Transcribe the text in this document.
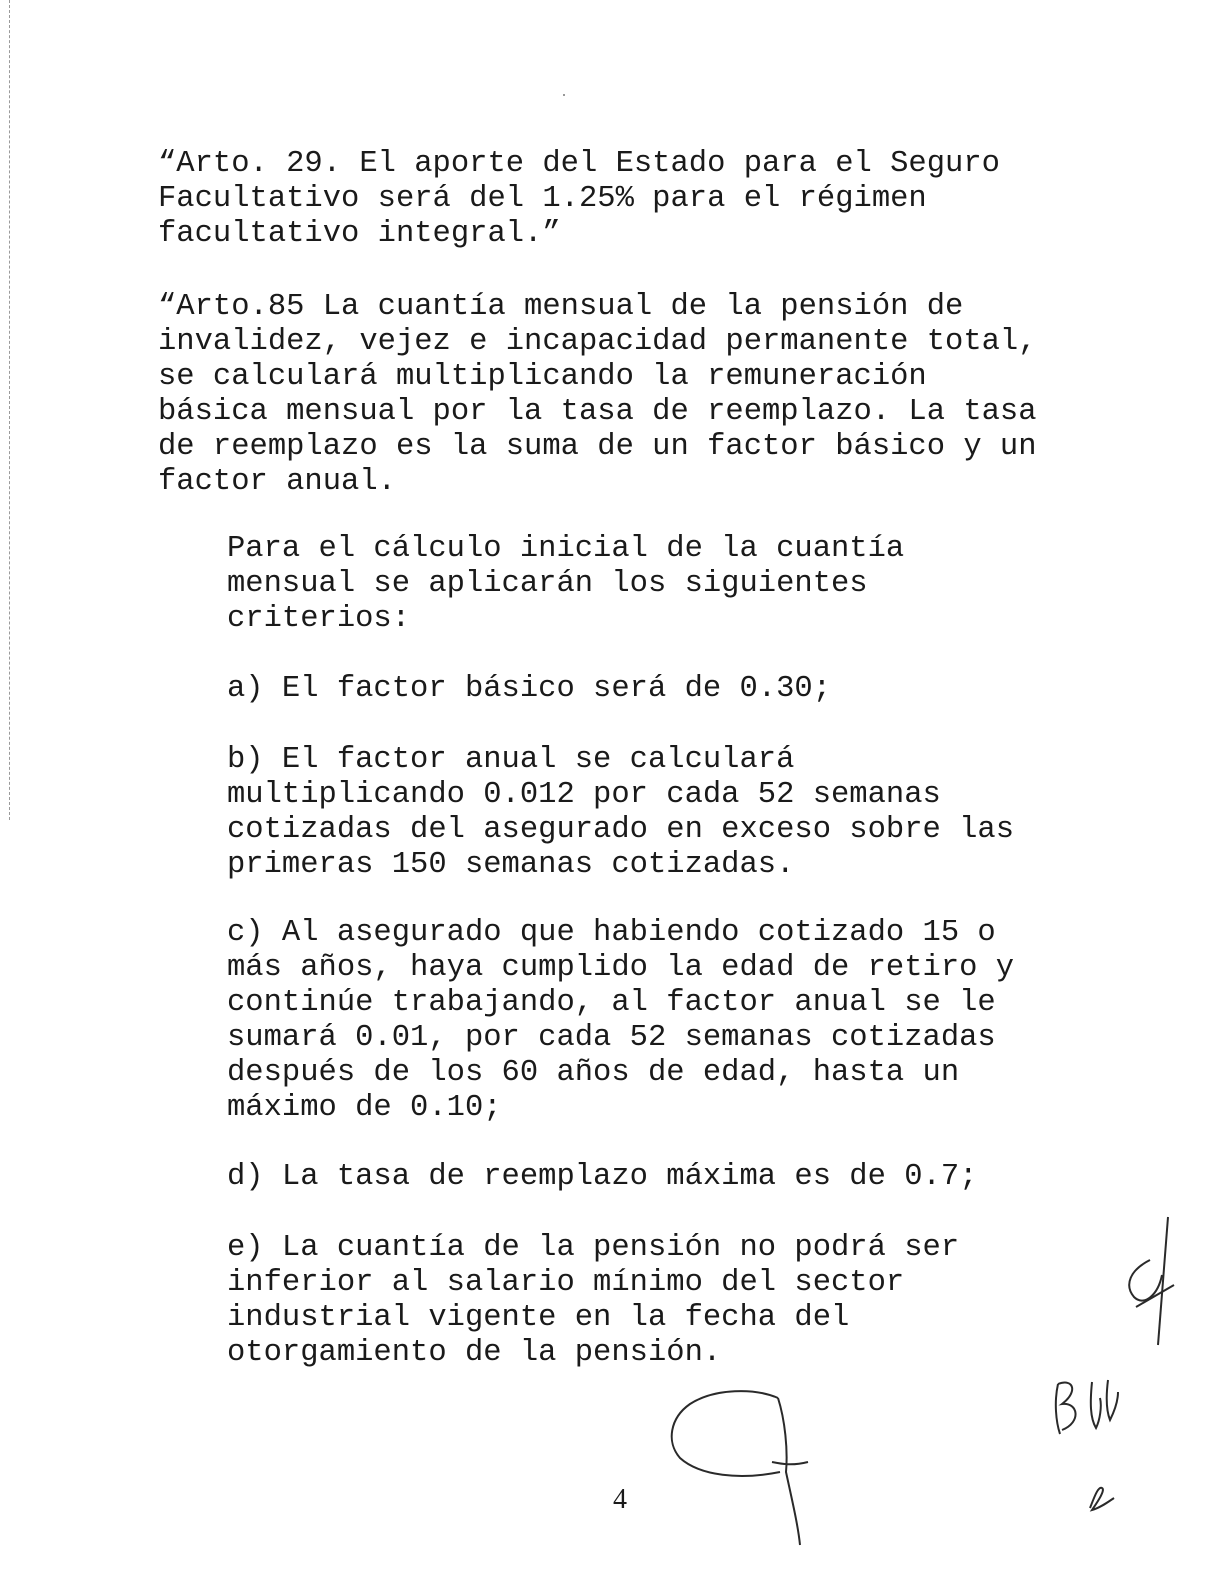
“Arto. 29. El aporte del Estado para el Seguro
Facultativo será del 1.25% para el régimen
facultativo integral.”

“Arto.85 La cuantía mensual de la pensión de
invalidez, vejez e incapacidad permanente total,
se calculará multiplicando la remuneración
básica mensual por la tasa de reemplazo. La tasa
de reemplazo es la suma de un factor básico y un
factor anual.

Para el cálculo inicial de la cuantía
mensual se aplicarán los siguientes
criterios:

a) El factor básico será de 0.30;

b) El factor anual se calculará
multiplicando 0.012 por cada 52 semanas
cotizadas del asegurado en exceso sobre las
primeras 150 semanas cotizadas.

c) Al asegurado que habiendo cotizado 15 o
más años, haya cumplido la edad de retiro y
continúe trabajando, al factor anual se le
sumará 0.01, por cada 52 semanas cotizadas
después de los 60 años de edad, hasta un
máximo de 0.10;

d) La tasa de reemplazo máxima es de 0.7;

e) La cuantía de la pensión no podrá ser
inferior al salario mínimo del sector
industrial vigente en la fecha del
otorgamiento de la pensión.

4
